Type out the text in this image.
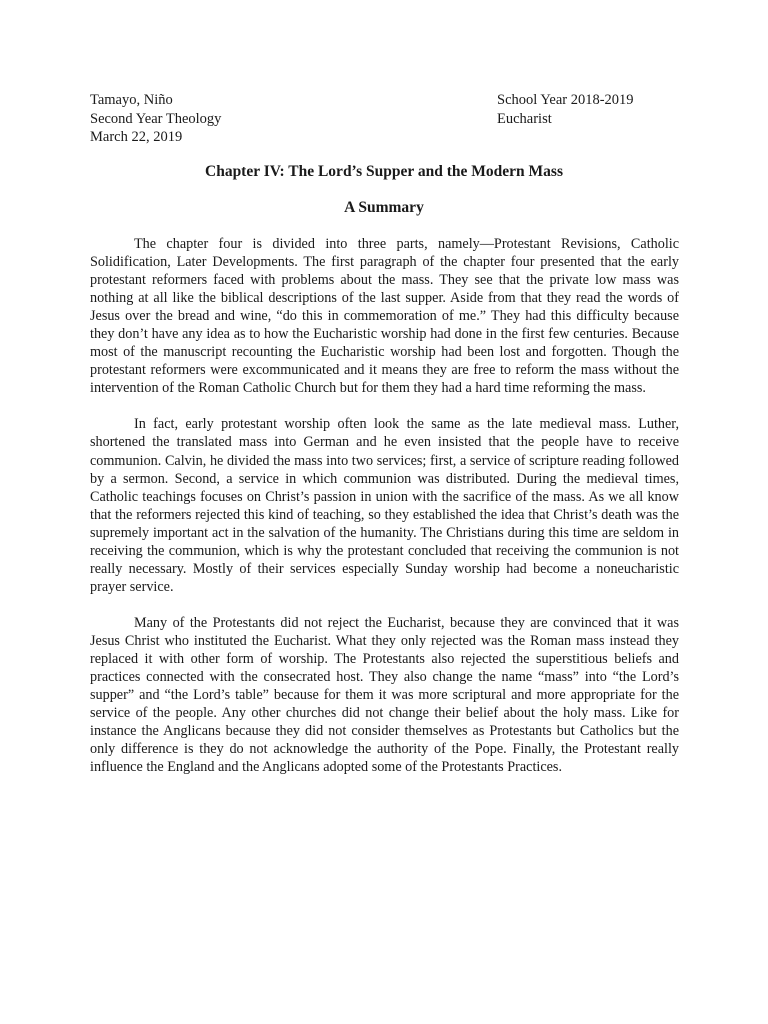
Tamayo, Niño
Second Year Theology
March 22, 2019
School Year 2018-2019
Eucharist
Chapter IV: The Lord’s Supper and the Modern Mass
A Summary

The chapter four is divided into three parts, namely—Protestant Revisions, Catholic Solidification, Later Developments. The first paragraph of the chapter four presented that the early protestant reformers faced with problems about the mass. They see that the private low mass was nothing at all like the biblical descriptions of the last supper. Aside from that they read the words of Jesus over the bread and wine, “do this in commemoration of me.” They had this difficulty because they don’t have any idea as to how the Eucharistic worship had done in the first few centuries. Because most of the manuscript recounting the Eucharistic worship had been lost and forgotten. Though the protestant reformers were excommunicated and it means they are free to reform the mass without the intervention of the Roman Catholic Church but for them they had a hard time reforming the mass.

In fact, early protestant worship often look the same as the late medieval mass. Luther, shortened the translated mass into German and he even insisted that the people have to receive communion. Calvin, he divided the mass into two services; first, a service of scripture reading followed by a sermon. Second, a service in which communion was distributed. During the medieval times, Catholic teachings focuses on Christ’s passion in union with the sacrifice of the mass. As we all know that the reformers rejected this kind of teaching, so they established the idea that Christ’s death was the supremely important act in the salvation of the humanity. The Christians during this time are seldom in receiving the communion, which is why the protestant concluded that receiving the communion is not really necessary. Mostly of their services especially Sunday worship had become a noneucharistic prayer service.

Many of the Protestants did not reject the Eucharist, because they are convinced that it was Jesus Christ who instituted the Eucharist. What they only rejected was the Roman mass instead they replaced it with other form of worship. The Protestants also rejected the superstitious beliefs and practices connected with the consecrated host. They also change the name “mass” into “the Lord’s supper” and “the Lord’s table” because for them it was more scriptural and more appropriate for the service of the people. Any other churches did not change their belief about the holy mass. Like for instance the Anglicans because they did not consider themselves as Protestants but Catholics but the only difference is they do not acknowledge the authority of the Pope. Finally, the Protestant really influence the England and the Anglicans adopted some of the Protestants Practices.
